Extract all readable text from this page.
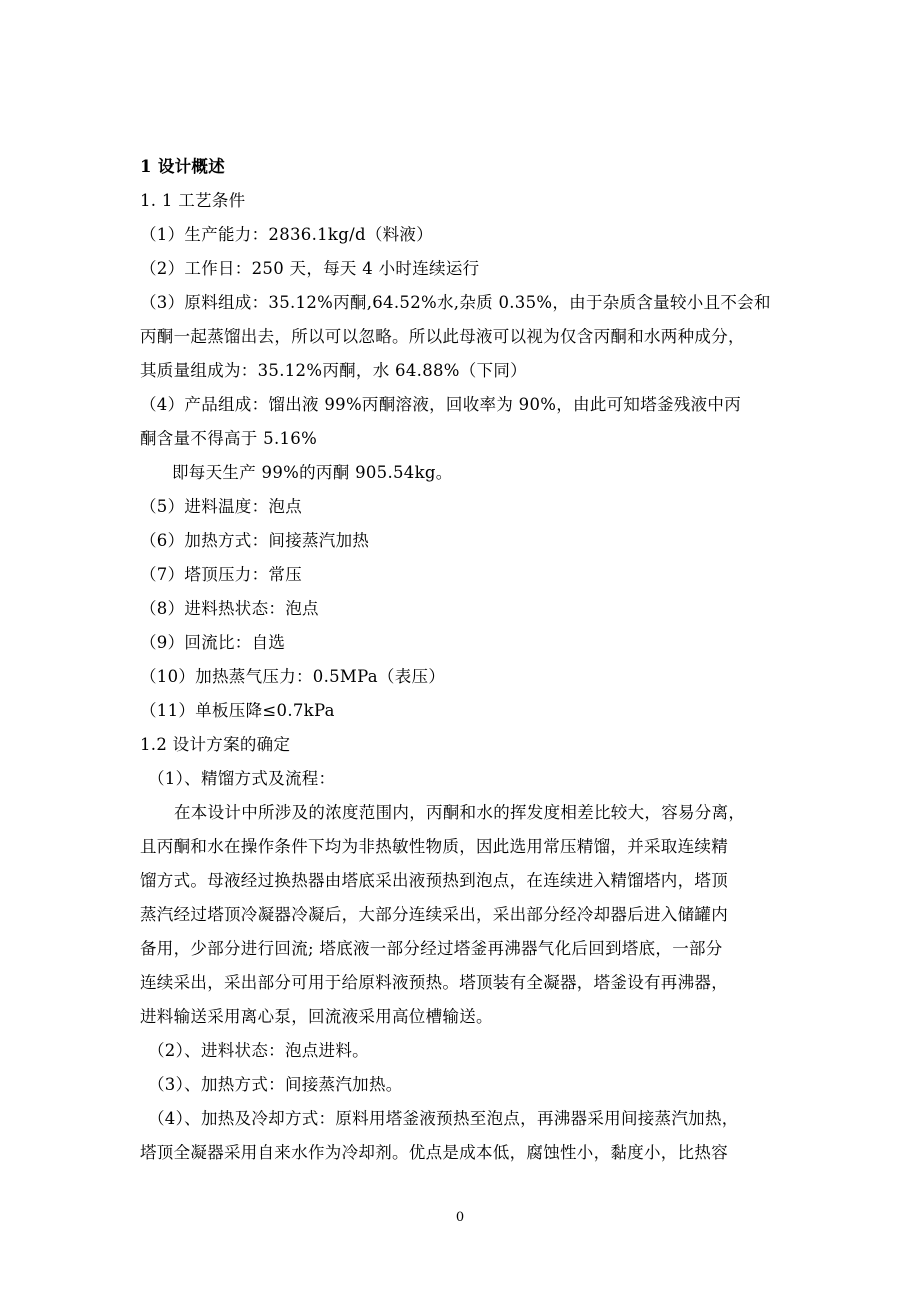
1 设计概述
1. 1 工艺条件
（1）生产能力：2836.1kg/d（料液）
（2）工作日：250 天，每天 4 小时连续运行
（3）原料组成：35.12%丙酮,64.52%水,杂质 0.35%，由于杂质含量较小且不会和
丙酮一起蒸馏出去，所以可以忽略。所以此母液可以视为仅含丙酮和水两种成分，
其质量组成为：35.12%丙酮，水 64.88%（下同）
（4）产品组成：馏出液 99%丙酮溶液，回收率为 90%，由此可知塔釜残液中丙
酮含量不得高于 5.16%
即每天生产 99%的丙酮 905.54kg。
（5）进料温度：泡点
（6）加热方式：间接蒸汽加热
（7）塔顶压力：常压
（8）进料热状态：泡点
（9）回流比：自选
（10）加热蒸气压力：0.5MPa（表压）
（11）单板压降≤0.7kPa
1.2 设计方案的确定
（1）、精馏方式及流程：
在本设计中所涉及的浓度范围内，丙酮和水的挥发度相差比较大，容易分离，
且丙酮和水在操作条件下均为非热敏性物质，因此选用常压精馏，并采取连续精
馏方式。母液经过换热器由塔底采出液预热到泡点，在连续进入精馏塔内，塔顶
蒸汽经过塔顶冷凝器冷凝后，大部分连续采出，采出部分经冷却器后进入储罐内
备用，少部分进行回流; 塔底液一部分经过塔釜再沸器气化后回到塔底，一部分
连续采出，采出部分可用于给原料液预热。塔顶装有全凝器，塔釜设有再沸器，
进料输送采用离心泵，回流液采用高位槽输送。
（2）、进料状态：泡点进料。
（3）、加热方式：间接蒸汽加热。
（4）、加热及冷却方式：原料用塔釜液预热至泡点，再沸器采用间接蒸汽加热，
塔顶全凝器采用自来水作为冷却剂。优点是成本低，腐蚀性小，黏度小，比热容
0
